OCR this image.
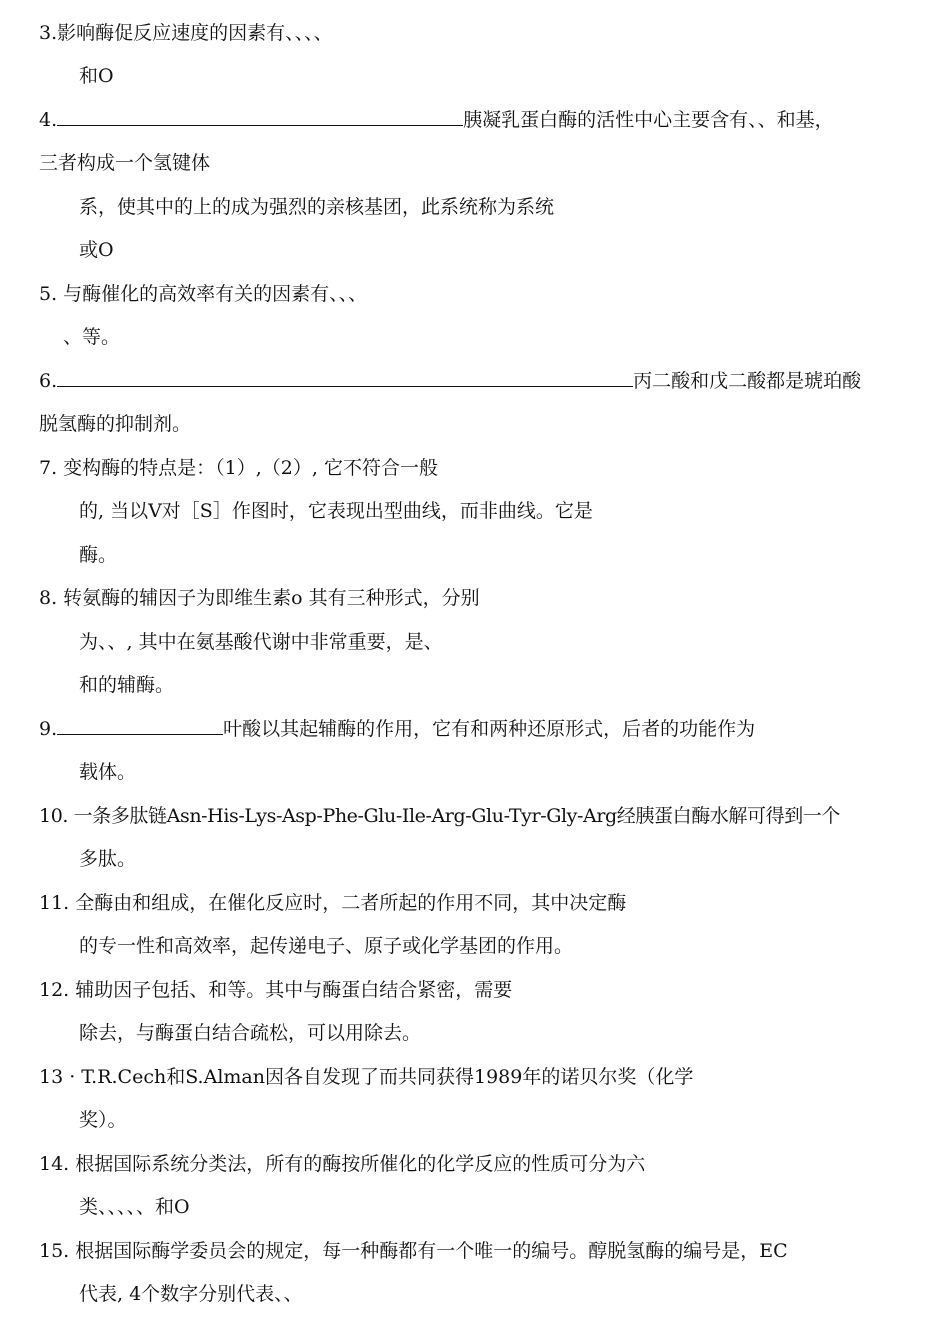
3.影响酶促反应速度的因素有、、、、
和O
4.	胰凝乳蛋白酶的活性中心主要含有、、和基，
三者构成一个氢键体
系，使其中的上的成为强烈的亲核基团，此系统称为系统
或O
5. 与酶催化的高效率有关的因素有、、、
、等。
6.	丙二酸和戊二酸都是琥珀酸
脱氢酶的抑制剂。
7. 变构酶的特点是：（1）,（2）, 它不符合一般
的, 当以V对［S］作图时，它表现出型曲线，而非曲线。它是
酶。
8. 转氨酶的辅因子为即维生素o 其有三种形式，分别
为、、, 其中在氨基酸代谢中非常重要，是、
和的辅酶。
9.	叶酸以其起辅酶的作用，它有和两种还原形式，后者的功能作为
载体。
10. 一条多肽链Asn-His-Lys-Asp-Phe-Glu-Ile-Arg-Glu-Tyr-Gly-Arg经胰蛋白酶水解可得到一个
多肽。
11. 全酶由和组成，在催化反应时，二者所起的作用不同，其中决定酶
的专一性和高效率，起传递电子、原子或化学基团的作用。
12. 辅助因子包括、和等。其中与酶蛋白结合紧密，需要
除去，与酶蛋白结合疏松，可以用除去。
13 · T.R.Cech和S.Alman因各自发现了而共同获得1989年的诺贝尔奖（化学
奖）。
14. 根据国际系统分类法，所有的酶按所催化的化学反应的性质可分为六
类、、、、、和O
15. 根据国际酶学委员会的规定，每一种酶都有一个唯一的编号。醇脱氢酶的编号是，EC
代表, 4个数字分别代表、、
